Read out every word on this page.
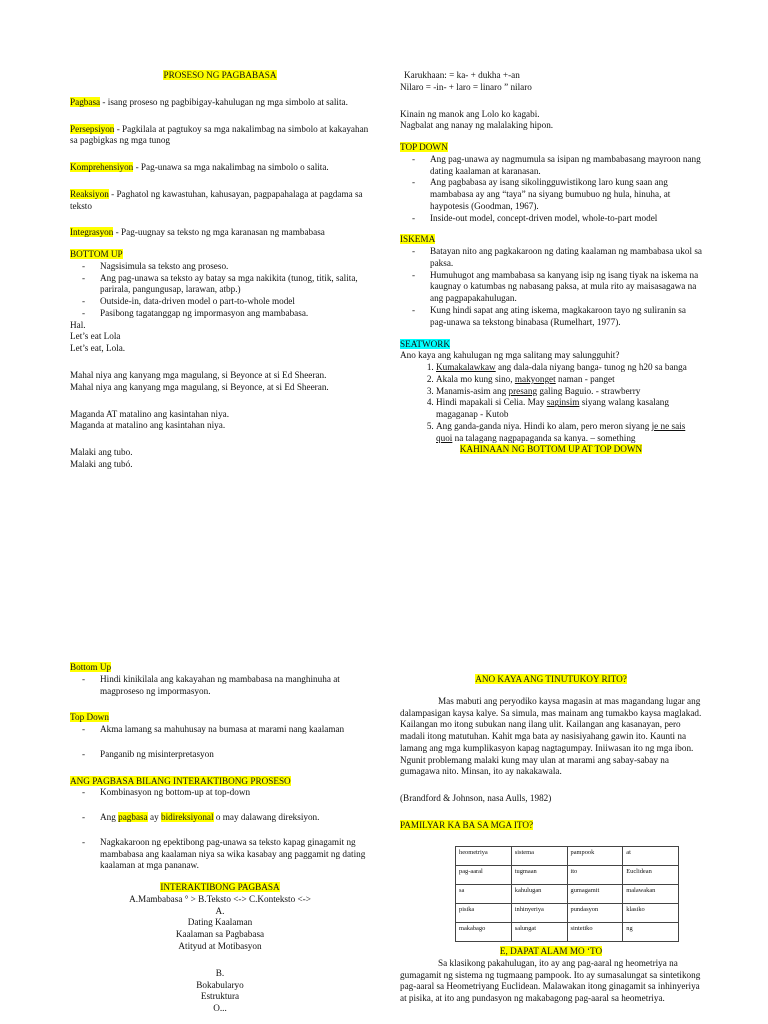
PROSESO NG PAGBABASA

Pagbasa - isang proseso ng pagbibigay-kahulugan ng mga simbolo at salita.

Persepsiyon - Pagkilala at pagtukoy sa mga nakalimbag na simbolo at kakayahan sa pagbigkas ng mga tunog

Komprehensiyon - Pag-unawa sa mga nakalimbag na simbolo o salita.

Reaksiyon - Paghatol ng kawastuhan, kahusayan, pagpapahalaga at pagdama sa teksto

Integrasyon - Pag-uugnay sa teksto ng mga karanasan ng mambabasa

BOTTOM UP

- Nagsisimula sa teksto ang proseso.
- Ang pag-unawa sa teksto ay batay sa mga nakikita (tunog, titik, salita, parirala, pangungusap, larawan, atbp.)
- Outside-in, data-driven model o part-to-whole model
- Pasibong tagatanggap ng impormasyon ang mambabasa.

Hal.

Let’s eat Lola

Let’s eat, Lola.

Mahal niya ang kanyang mga magulang, si Beyonce at si Ed Sheeran.

Mahal niya ang kanyang mga magulang, si Beyonce, at si Ed Sheeran.

Maganda AT matalino ang kasintahan niya.

Maganda at matalino ang kasintahan niya.

Malaki ang tubo.

Malaki ang tubó.

Karukhaan: = ka- + dukha +-an

Nilaro = -in- + laro = linaro ” nilaro

Kinain ng manok ang Lolo ko kagabi.

Nagbalat ang nanay ng malalaking hipon.

TOP DOWN

- Ang pag-unawa ay nagmumula sa isipan ng mambabasang mayroon nang dating kaalaman at karanasan.
- Ang pagbabasa ay isang sikolingguwistikong laro kung saan ang mambabasa ay ang “taya” na siyang bumubuo ng hula, hinuha, at haypotesis (Goodman, 1967).
- Inside-out model, concept-driven model, whole-to-part model

ISKEMA

- Batayan nito ang pagkakaroon ng dating kaalaman ng mambabasa ukol sa paksa.
- Humuhugot ang mambabasa sa kanyang isip ng isang tiyak na iskema na kaugnay o katumbas ng nabasang paksa, at mula rito ay maisasagawa na ang pagpapakahulugan.
- Kung hindi sapat ang ating iskema, magkakaroon tayo ng suliranin sa pag-unawa sa tekstong binabasa (Rumelhart, 1977).

SEATWORK

Ano kaya ang kahulugan ng mga salitang may salungguhit?

1. Kumakalawkaw ang dala-dala niyang banga- tunog ng h20 sa banga
2. Akala mo kung sino, makyonget naman - panget
3. Manamis-asim ang presang galing Baguio. - strawberry
4. Hindi mapakali si Celia. May saginsim siyang walang kasalang magaganap - Kutob
5. Ang ganda-ganda niya. Hindi ko alam, pero meron siyang je ne sais quoi na talagang nagpapaganda sa kanya. – something

KAHINAAN NG BOTTOM UP AT TOP DOWN

Bottom Up

- Hindi kinikilala ang kakayahan ng mambabasa na manghinuha at magproseso ng impormasyon.

Top Down

- Akma lamang sa mahuhusay na bumasa at marami nang kaalaman
- Panganib ng misinterpretasyon

ANG PAGBASA BILANG INTERAKTIBONG PROSESO

- Kombinasyon ng bottom-up at top-down
- Ang pagbasa ay bidireksiyonal o may dalawang direksiyon.
- Nagkakaroon ng epektibong pag-unawa sa teksto kapag ginagamit ng mambabasa ang kaalaman niya sa wika kasabay ang paggamit ng dating kaalaman at mga pananaw.

INTERAKTIBONG PAGBASA

A.Mambabasa ° > B.Teksto <-> C.Konteksto <->

A.

Dating Kaalaman

Kaalaman sa Pagbabasa

Atityud at Motibasyon

B.

Bokabularyo

Estruktura

O...

ANO KAYA ANG TINUTUKOY RITO?

Mas mabuti ang peryodiko kaysa magasin at mas magandang lugar ang dalampasigan kaysa kalye. Sa simula, mas mainam ang tumakbo kaysa maglakad. Kailangan mo itong subukan nang ilang ulit. Kailangan ang kasanayan, pero madali itong matutuhan. Kahit mga bata ay nasisiyahang gawin ito. Kaunti na lamang ang mga kumplikasyon kapag nagtagumpay. Iniiwasan ito ng mga ibon. Ngunit problemang malaki kung may ulan at marami ang sabay-sabay na gumagawa nito. Minsan, ito ay nakakawala.

(Brandford & Johnson, nasa Aulls, 1982)

PAMILYAR KA BA SA MGA ITO?

heometriya	sistema	pampook	at
pag-aaral	tugmaan	ito	Euclidean
sa	kahulugan	gumagamit	malawakan
pisika	inhinyeriya	pundasyon	klasiko
makabago	salungat	sintetiko	ng

E, DAPAT ALAM MO ‘TO

Sa klasikong pakahulugan, ito ay ang pag-aaral ng heometriya na gumagamit ng sistema ng tugmaang pampook. Ito ay sumasalungat sa sintetikong pag-aaral sa Heometriyang Euclidean. Malawakan itong ginagamit sa inhinyeriya at pisika, at ito ang pundasyon ng makabagong pag-aaral sa heometriya.
